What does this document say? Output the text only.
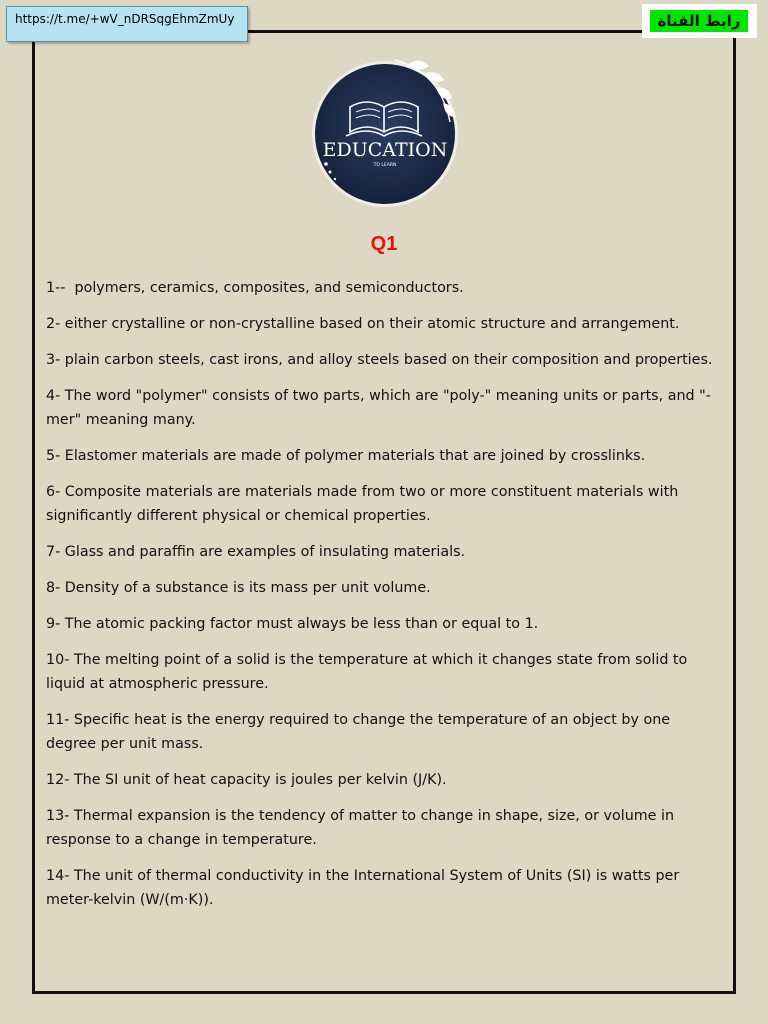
https://t.me/+wV_nDRSqgEhmZmUy	رابط القناة
EDUCATION
TO LEARN
Q1

1--  polymers, ceramics, composites, and semiconductors.

2- either crystalline or non-crystalline based on their atomic structure and arrangement.

3- plain carbon steels, cast irons, and alloy steels based on their composition and properties.

4- The word "polymer" consists of two parts, which are "poly-" meaning units or parts, and "-mer" meaning many.

5- Elastomer materials are made of polymer materials that are joined by crosslinks.

6- Composite materials are materials made from two or more constituent materials with significantly different physical or chemical properties.

7- Glass and paraffin are examples of insulating materials.

8- Density of a substance is its mass per unit volume.

9- The atomic packing factor must always be less than or equal to 1.

10- The melting point of a solid is the temperature at which it changes state from solid to liquid at atmospheric pressure.

11- Specific heat is the energy required to change the temperature of an object by one degree per unit mass.

12- The SI unit of heat capacity is joules per kelvin (J/K).

13- Thermal expansion is the tendency of matter to change in shape, size, or volume in response to a change in temperature.

14- The unit of thermal conductivity in the International System of Units (SI) is watts per meter-kelvin (W/(m·K)).
